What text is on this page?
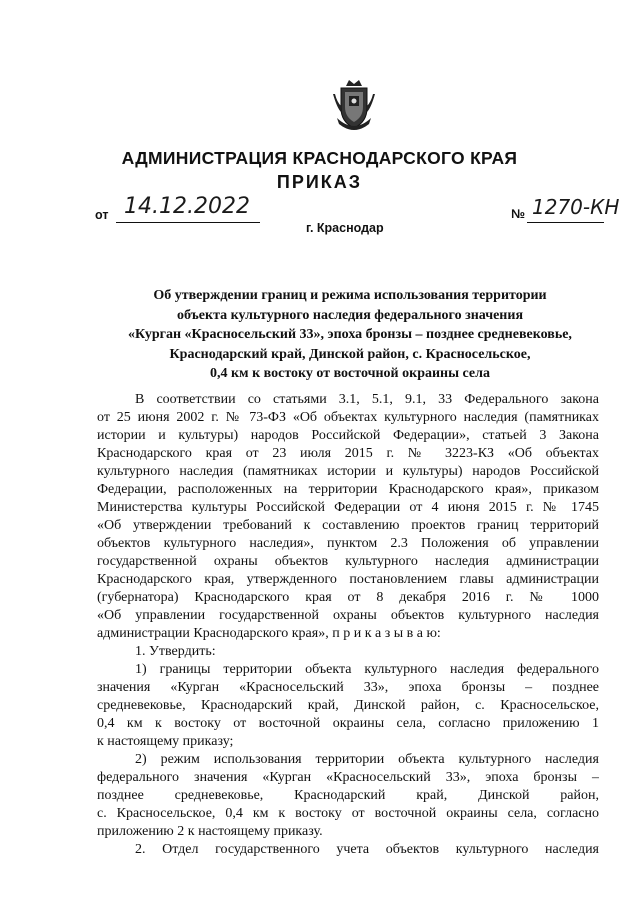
АДМИНИСТРАЦИЯ КРАСНОДАРСКОГО КРАЯ
ПРИКАЗ
от 14.12.2022
г. Краснодар
№ 1270-КН
Об утверждении границ и режима использования территории
объекта культурного наследия федерального значения
«Курган «Красносельский 33», эпоха бронзы – позднее средневековье,
Краснодарский край, Динской район, с. Красносельское,
0,4 км к востоку от восточной окраины села
В соответствии со статьями 3.1, 5.1, 9.1, 33 Федерального закона
от 25 июня 2002 г. № 73-ФЗ «Об объектах культурного наследия (памятниках
истории и культуры) народов Российской Федерации», статьей 3 Закона
Краснодарского края от 23 июля 2015 г. № 3223-КЗ «Об объектах
культурного наследия (памятниках истории и культуры) народов Российской
Федерации, расположенных на территории Краснодарского края», приказом
Министерства культуры Российской Федерации от 4 июня 2015 г. № 1745
«Об утверждении требований к составлению проектов границ территорий
объектов культурного наследия», пунктом 2.3 Положения об управлении
государственной охраны объектов культурного наследия администрации
Краснодарского края, утвержденного постановлением главы администрации
(губернатора) Краснодарского края от 8 декабря 2016 г. № 1000
«Об управлении государственной охраны объектов культурного наследия
администрации Краснодарского края», п р и к а з ы в а ю:
1. Утвердить:
1) границы территории объекта культурного наследия федерального
значения «Курган «Красносельский 33», эпоха бронзы – позднее
средневековье, Краснодарский край, Динской район, с. Красносельское,
0,4 км к востоку от восточной окраины села, согласно приложению 1
к настоящему приказу;
2) режим использования территории объекта культурного наследия
федерального значения «Курган «Красносельский 33», эпоха бронзы –
позднее средневековье, Краснодарский край, Динской район,
с. Красносельское, 0,4 км к востоку от восточной окраины села, согласно
приложению 2 к настоящему приказу.
2. Отдел государственного учета объектов культурного наследия
